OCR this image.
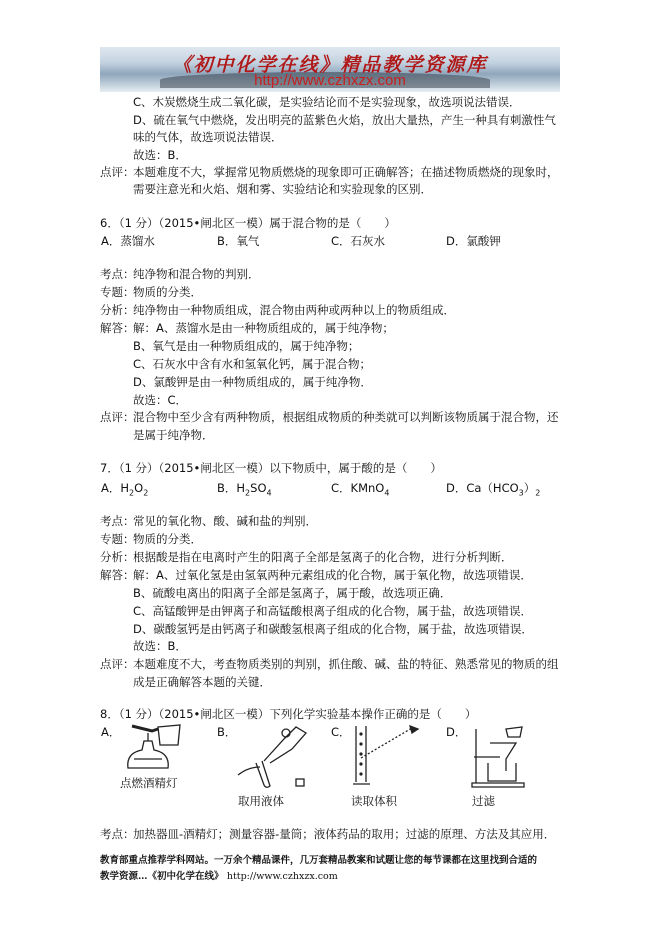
《初中化学在线》精品教学资源库
http://www.czhxzx.com
C、木炭燃烧生成二氧化碳，是实验结论而不是实验现象，故选项说法错误．
D、硫在氧气中燃烧，发出明亮的蓝紫色火焰，放出大量热，产生一种具有刺激性气
味的气体，故选项说法错误．
故选：B．
点评：
本题难度不大，掌握常见物质燃烧的现象即可正确解答；在描述物质燃烧的现象时，
需要注意光和火焰、烟和雾、实验结论和实验现象的区别．
6．（1 分）（2015•闸北区一模）属于混合物的是（　　）
A．蒸馏水	B．氧气	C．石灰水	D．氯酸钾
考点：
纯净物和混合物的判别．
专题：
物质的分类．
分析：
纯净物由一种物质组成，混合物由两种或两种以上的物质组成．
解答：
解：A、蒸馏水是由一种物质组成的，属于纯净物；
B、氧气是由一种物质组成的，属于纯净物；
C、石灰水中含有水和氢氧化钙，属于混合物；
D、氯酸钾是由一种物质组成的，属于纯净物．
故选：C．
点评：
混合物中至少含有两种物质，根据组成物质的种类就可以判断该物质属于混合物，还
是属于纯净物．
7．（1 分）（2015•闸北区一模）以下物质中，属于酸的是（　　）
A．$H_2O_2$	B．$H_2SO_4$	C．KMnO$_4$	D．$Ca(HCO_3)_2$
考点：
常见的氧化物、酸、碱和盐的判别．
专题：
物质的分类．
分析：
根据酸是指在电离时产生的阳离子全部是氢离子的化合物，进行分析判断．
解答：
解：A、过氧化氢是由氢氧两种元素组成的化合物，属于氧化物，故选项错误．
B、硫酸电离出的阳离子全部是氢离子，属于酸，故选项正确．
C、高锰酸钾是由钾离子和高锰酸根离子组成的化合物，属于盐，故选项错误．
D、碳酸氢钙是由钙离子和碳酸氢根离子组成的化合物，属于盐，故选项错误．
故选：B．
点评：
本题难度不大，考查物质类别的判别，抓住酸、碱、盐的特征、熟悉常见的物质的组
成是正确解答本题的关键．
8．（1 分）（2015•闸北区一模）下列化学实验基本操作正确的是（　　）
A．	B．	C．	D．
点燃酒精灯
取用液体	读取体积	过滤
考点：
加热器皿-酒精灯；测量容器-量筒；液体药品的取用；过滤的原理、方法及其应用．
教育部重点推荐学科网站。一万余个精品课件，几万套精品教案和试题让您的每节课都在这里找到合适的
教学资源…《初中化学在线》 http://www.czhxzx.com
